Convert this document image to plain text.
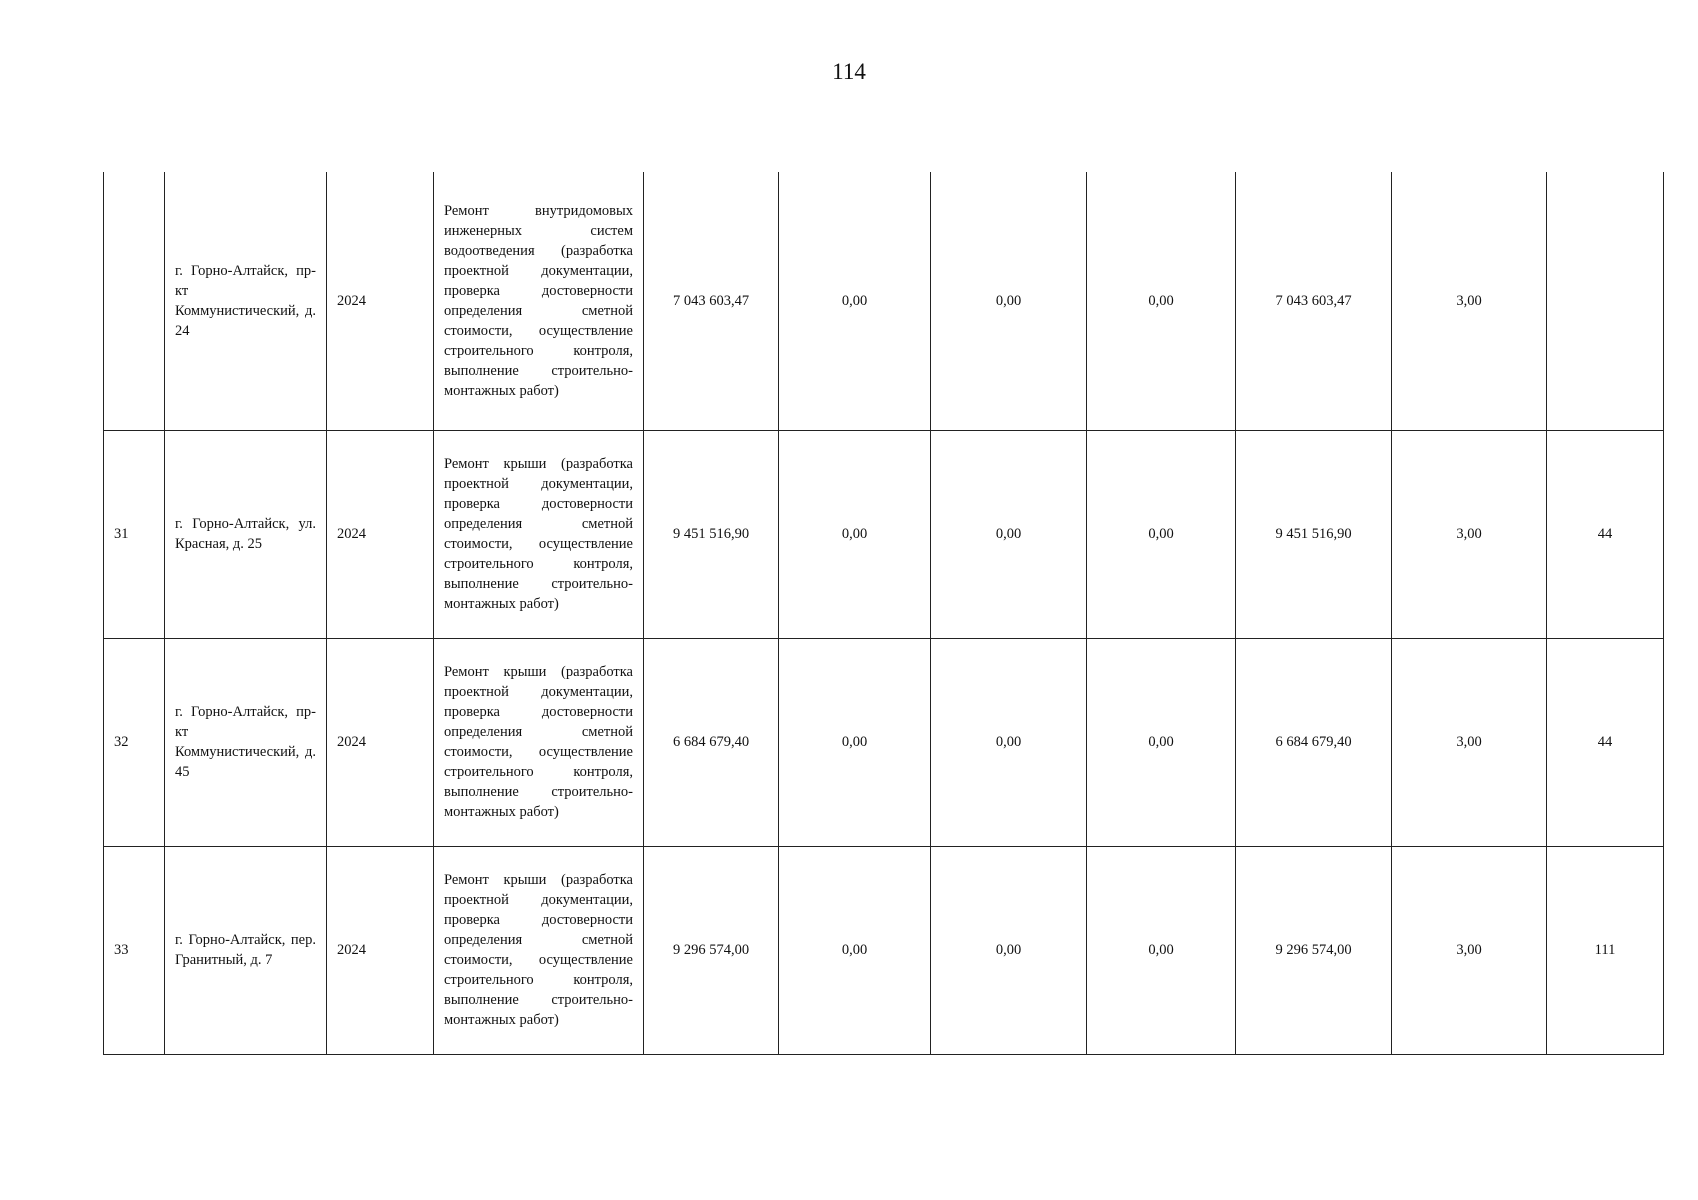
114
	г. Горно-Алтайск, пр-кт Коммунистический, д. 24	2024	Ремонт внутридомовых инженерных систем водоотведения (разработка проектной документации, проверка достоверности определения сметной стоимости, осуществление строительного контроля, выполнение строительно-монтажных работ)	7 043 603,47	0,00	0,00	0,00	7 043 603,47	3,00	
31	г. Горно-Алтайск, ул. Красная, д. 25	2024	Ремонт крыши (разработка проектной документации, проверка достоверности определения сметной стоимости, осуществление строительного контроля, выполнение строительно-монтажных работ)	9 451 516,90	0,00	0,00	0,00	9 451 516,90	3,00	44
32	г. Горно-Алтайск, пр-кт Коммунистический, д. 45	2024	Ремонт крыши (разработка проектной документации, проверка достоверности определения сметной стоимости, осуществление строительного контроля, выполнение строительно-монтажных работ)	6 684 679,40	0,00	0,00	0,00	6 684 679,40	3,00	44
33	г. Горно-Алтайск, пер. Гранитный, д. 7	2024	Ремонт крыши (разработка проектной документации, проверка достоверности определения сметной стоимости, осуществление строительного контроля, выполнение строительно-монтажных работ)	9 296 574,00	0,00	0,00	0,00	9 296 574,00	3,00	111
